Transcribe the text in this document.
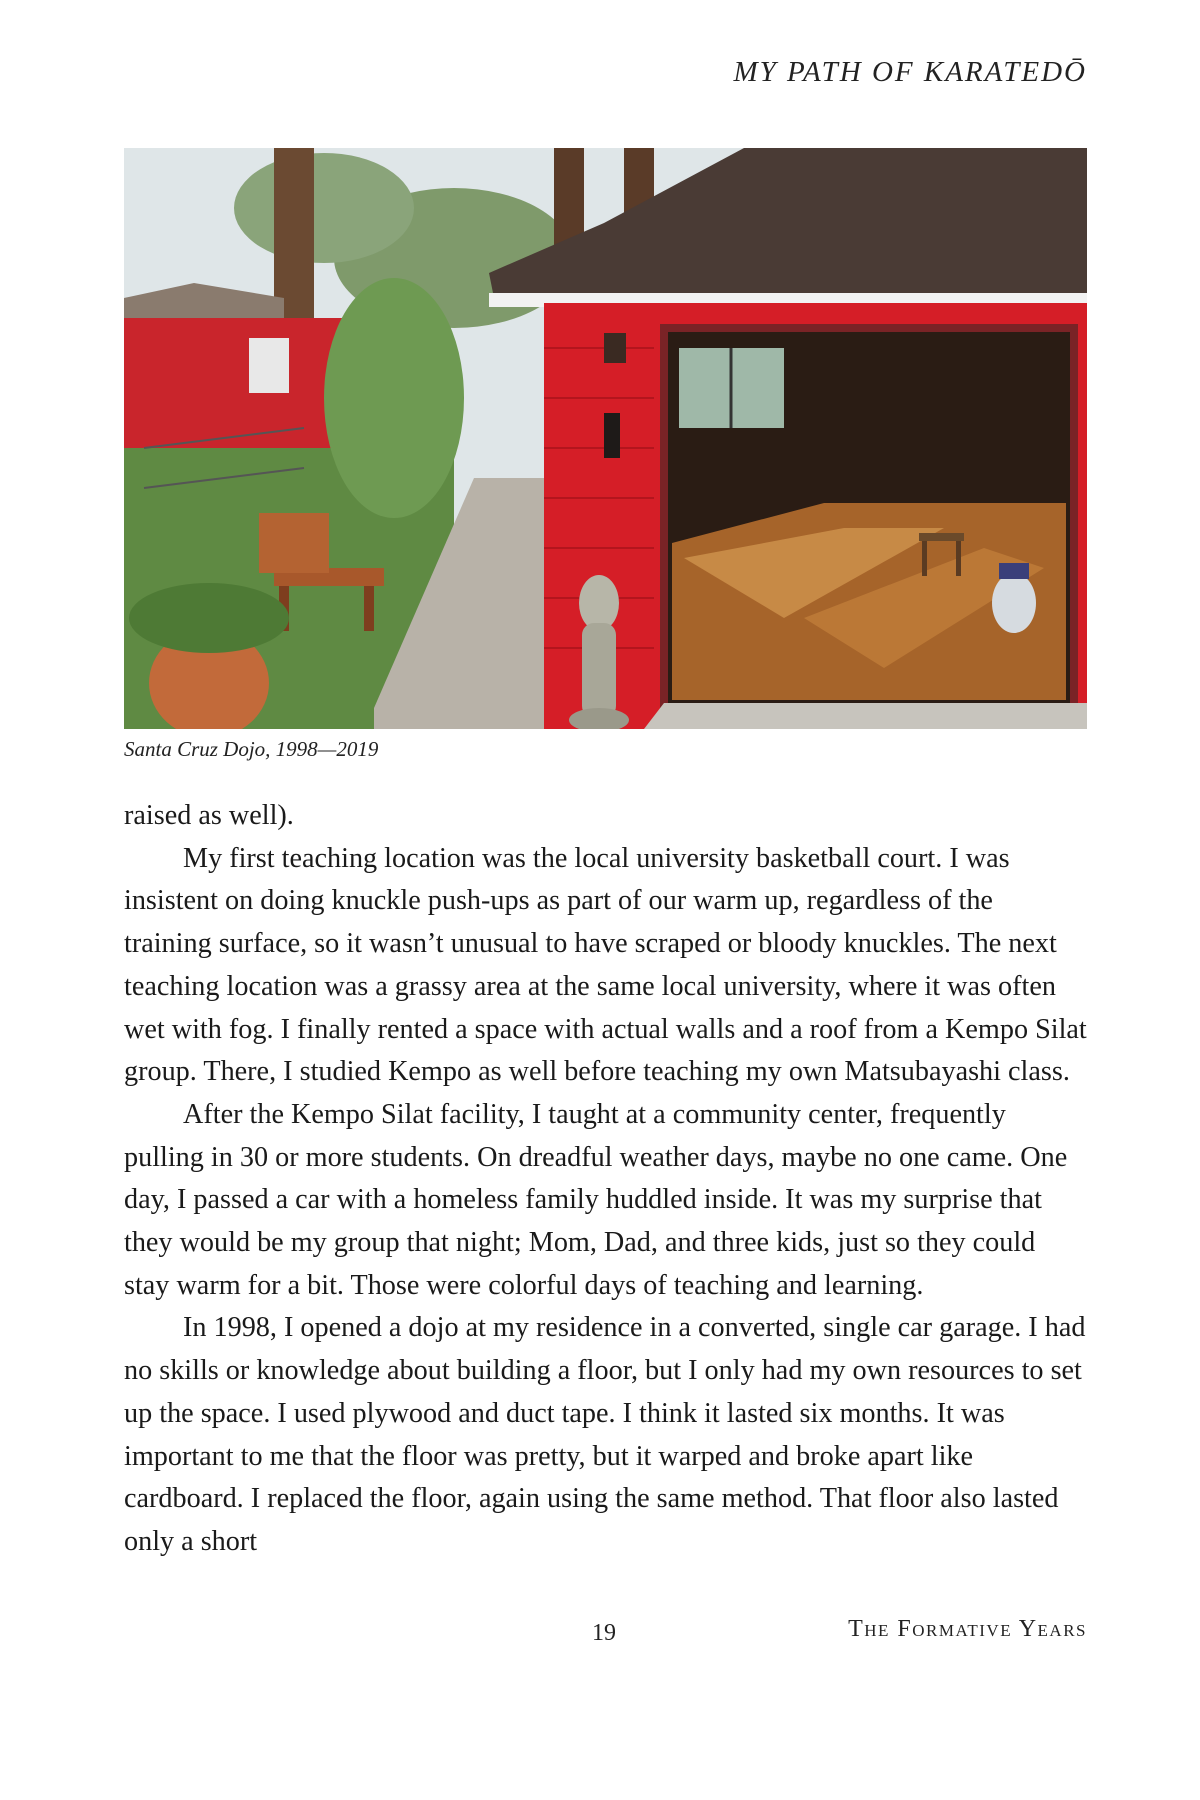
MY PATH OF KARATEDŌ
Santa Cruz Dojo, 1998—2019

raised as well).

My first teaching location was the local university basketball court. I was insistent on doing knuckle push-ups as part of our warm up, regardless of the training surface, so it wasn’t unusual to have scraped or bloody knuckles. The next teaching location was a grassy area at the same local university, where it was often wet with fog. I finally rented a space with actual walls and a roof from a Kempo Silat group. There, I studied Kempo as well before teaching my own Matsubayashi class.

After the Kempo Silat facility, I taught at a community center, frequently pulling in 30 or more students. On dreadful weather days, maybe no one came. One day, I passed a car with a homeless family huddled inside. It was my surprise that they would be my group that night; Mom, Dad, and three kids, just so they could stay warm for a bit. Those were colorful days of teaching and learning.

In 1998, I opened a dojo at my residence in a converted, single car garage. I had no skills or knowledge about building a floor, but I only had my own resources to set up the space. I used plywood and duct tape. I think it lasted six months. It was important to me that the floor was pretty, but it warped and broke apart like cardboard. I replaced the floor, again using the same method. That floor also lasted only a short

19	The Formative Years
